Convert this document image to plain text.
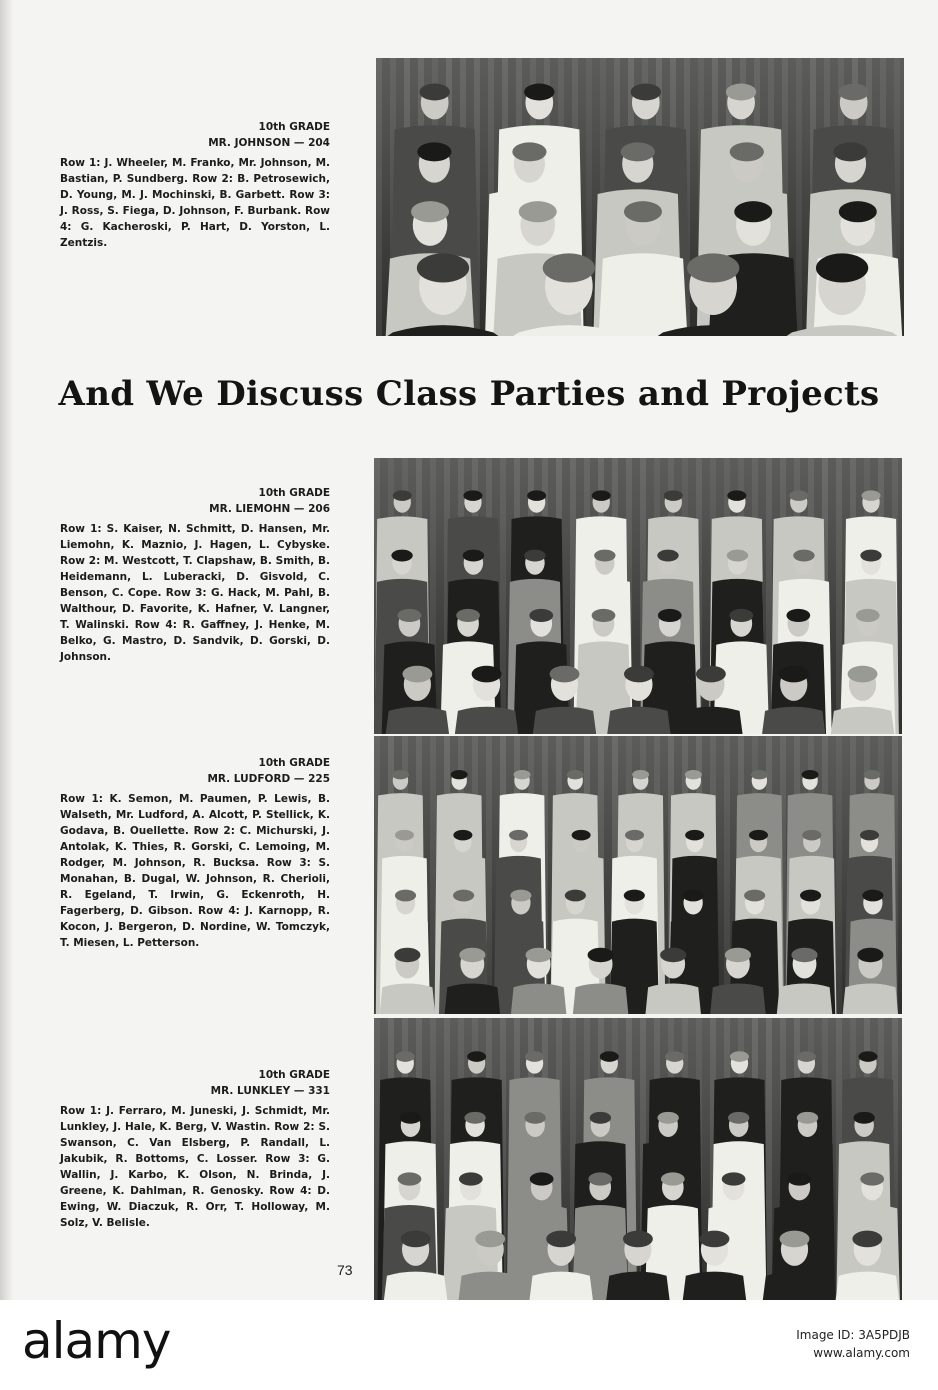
10th GRADE
MR. JOHNSON — 204

Row 1: J. Wheeler, M. Franko, Mr. Johnson, M. Bastian, P. Sundberg. Row 2: B. Petrosewich, D. Young, M. J. Mochinski, B. Garbett. Row 3: J. Ross, S. Fiega, D. Johnson, F. Burbank. Row 4: G. Kacheroski, P. Hart, D. Yorston, L. Zentzis.

And We Discuss Class Parties and Projects
10th GRADE
MR. LIEMOHN — 206

Row 1: S. Kaiser, N. Schmitt, D. Hansen, Mr. Liemohn, K. Maznio, J. Hagen, L. Cybyske. Row 2: M. Westcott, T. Clapshaw, B. Smith, B. Heidemann, L. Luberacki, D. Gisvold, C. Benson, C. Cope. Row 3: G. Hack, M. Pahl, B. Walthour, D. Favorite, K. Hafner, V. Langner, T. Walinski. Row 4: R. Gaffney, J. Henke, M. Belko, G. Mastro, D. Sandvik, D. Gorski, D. Johnson.

10th GRADE
MR. LUDFORD — 225

Row 1: K. Semon, M. Paumen, P. Lewis, B. Walseth, Mr. Ludford, A. Alcott, P. Stellick, K. Godava, B. Ouellette. Row 2: C. Michurski, J. Antolak, K. Thies, R. Gorski, C. Lemoing, M. Rodger, M. Johnson, R. Bucksa. Row 3: S. Monahan, B. Dugal, W. Johnson, R. Cherioli, R. Egeland, T. Irwin, G. Eckenroth, H. Fagerberg, D. Gibson. Row 4: J. Karnopp, R. Kocon, J. Bergeron, D. Nordine, W. Tomczyk, T. Miesen, L. Petterson.

10th GRADE
MR. LUNKLEY — 331

Row 1: J. Ferraro, M. Juneski, J. Schmidt, Mr. Lunkley, J. Hale, K. Berg, V. Wastin. Row 2: S. Swanson, C. Van Elsberg, P. Randall, L. Jakubik, R. Bottoms, C. Losser. Row 3: G. Wallin, J. Karbo, K. Olson, N. Brinda, J. Greene, K. Dahlman, R. Genosky. Row 4: D. Ewing, W. Diaczuk, R. Orr, T. Holloway, M. Solz, V. Belisle.

73
alamy	Image ID: 3A5PDJB
www.alamy.com
